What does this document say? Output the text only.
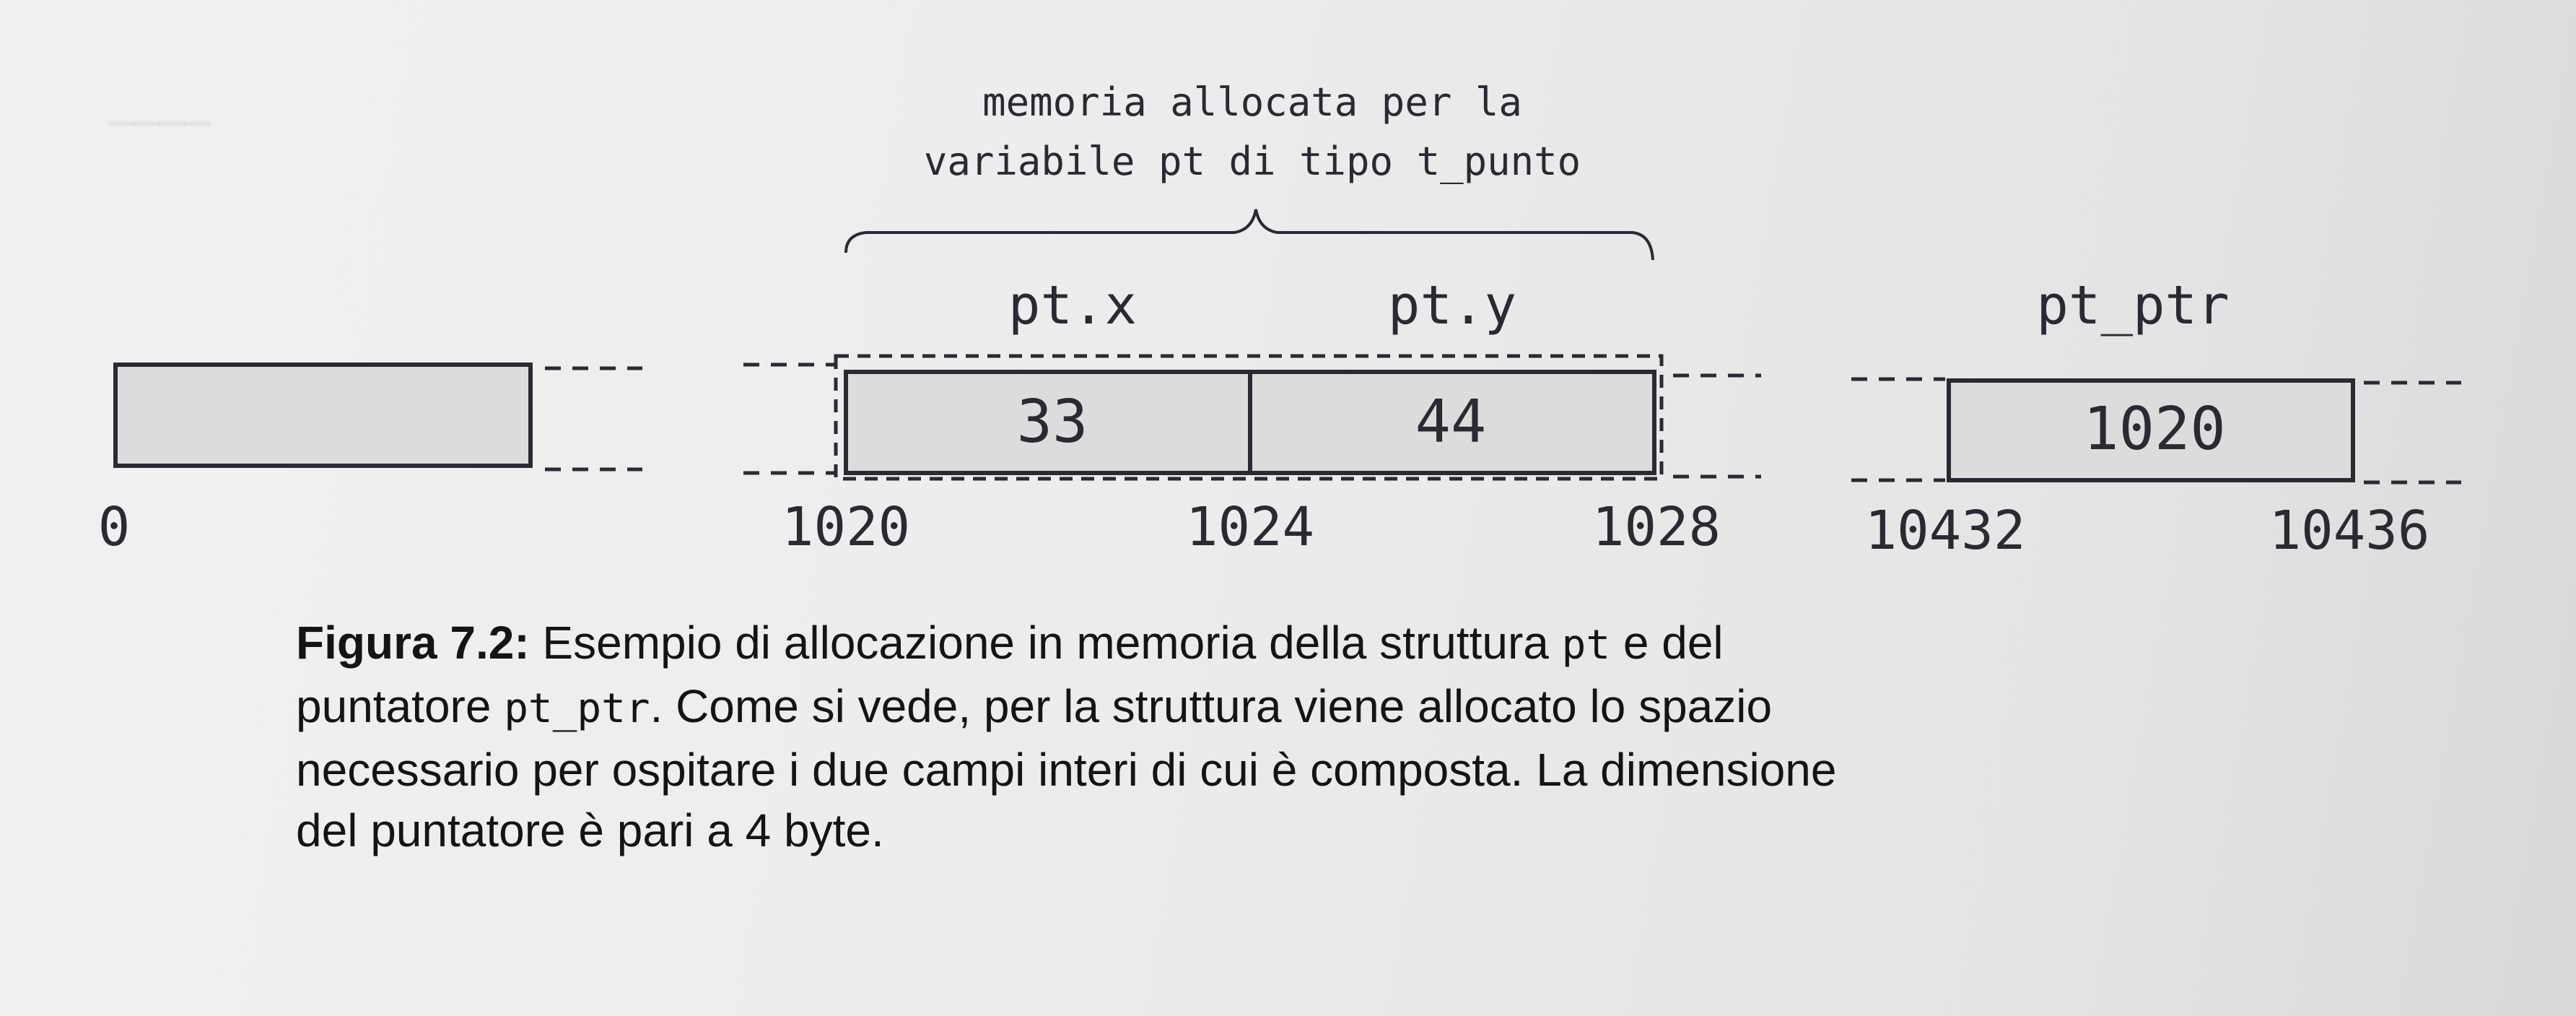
▁▁▁▁	memoria allocata per la
variabile pt di tipo t_punto
pt.x	pt.y	pt_ptr
33	44	1020
0	1020	1024	1028	10432	10436
Figura 7.2: Esempio di allocazione in memoria della struttura pt e del
puntatore pt_ptr. Come si vede, per la struttura viene allocato lo spazio
necessario per ospitare i due campi interi di cui è composta. La dimensione
del puntatore è pari a 4 byte.
